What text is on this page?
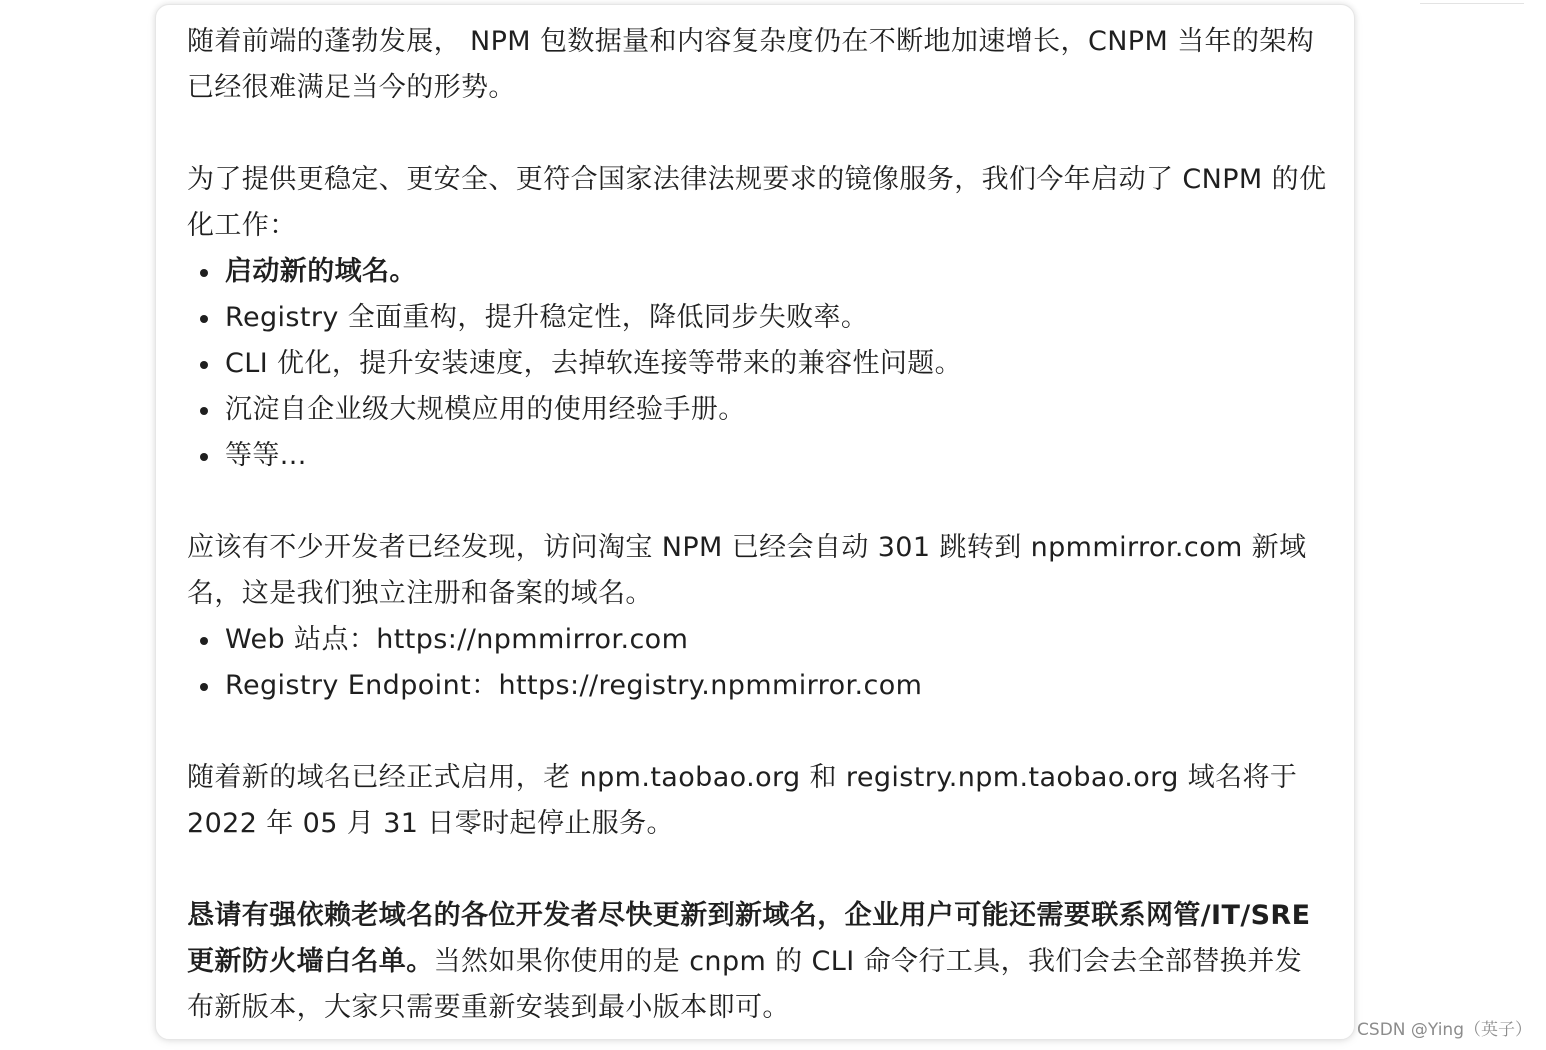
随着前端的蓬勃发展， NPM 包数据量和内容复杂度仍在不断地加速增长，CNPM 当年的架构已经很难满足当今的形势。

为了提供更稳定、更安全、更符合国家法律法规要求的镜像服务，我们今年启动了 CNPM 的优化工作：

启动新的域名。
Registry 全面重构，提升稳定性，降低同步失败率。
CLI 优化，提升安装速度，去掉软连接等带来的兼容性问题。
沉淀自企业级大规模应用的使用经验手册。
等等...

应该有不少开发者已经发现，访问淘宝 NPM 已经会自动 301 跳转到 npmmirror.com 新域名，这是我们独立注册和备案的域名。

Web 站点：https://npmmirror.com
Registry Endpoint：https://registry.npmmirror.com

随着新的域名已经正式启用，老 npm.taobao.org 和 registry.npm.taobao.org 域名将于 2022 年 05 月 31 日零时起停止服务。

恳请有强依赖老域名的各位开发者尽快更新到新域名，企业用户可能还需要联系网管/IT/SRE 更新防火墙白名单。当然如果你使用的是 cnpm 的 CLI 命令行工具，我们会去全部替换并发布新版本，大家只需要重新安装到最小版本即可。

CSDN @Ying（英子）
